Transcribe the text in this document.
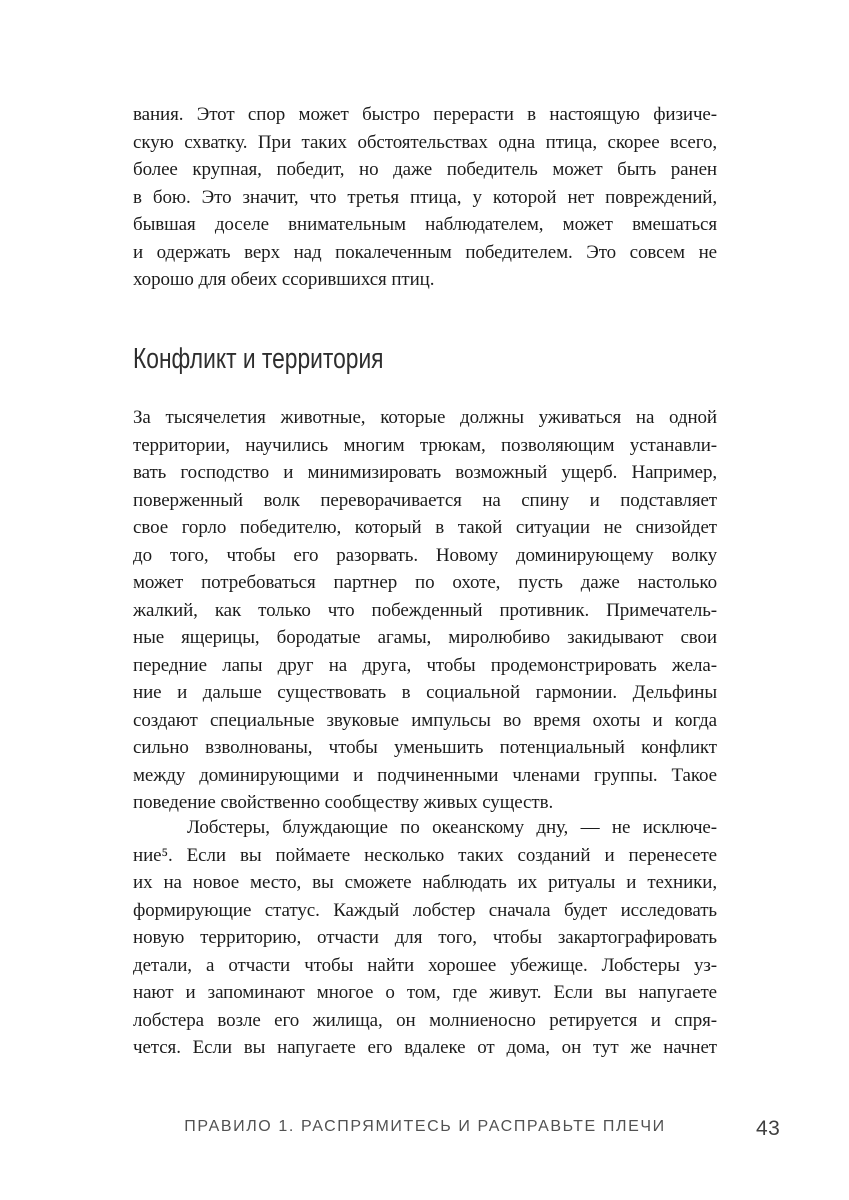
вания. Этот спор может быстро перерасти в настоящую физиче-
скую схватку. При таких обстоятельствах одна птица, скорее всего,
более крупная, победит, но даже победитель может быть ранен
в бою. Это значит, что третья птица, у которой нет повреждений,
бывшая доселе внимательным наблюдателем, может вмешаться
и одержать верх над покалеченным победителем. Это совсем не
хорошо для обеих ссорившихся птиц.
Конфликт и территория
За тысячелетия животные, которые должны уживаться на одной
территории, научились многим трюкам, позволяющим устанавли-
вать господство и минимизировать возможный ущерб. Например,
поверженный волк переворачивается на спину и подставляет
свое горло победителю, который в такой ситуации не снизойдет
до того, чтобы его разорвать. Новому доминирующему волку
может потребоваться партнер по охоте, пусть даже настолько
жалкий, как только что побежденный противник. Примечатель-
ные ящерицы, бородатые агамы, миролюбиво закидывают свои
передние лапы друг на друга, чтобы продемонстрировать жела-
ние и дальше существовать в социальной гармонии. Дельфины
создают специальные звуковые импульсы во время охоты и когда
сильно взволнованы, чтобы уменьшить потенциальный конфликт
между доминирующими и подчиненными членами группы. Такое
поведение свойственно сообществу живых существ.
Лобстеры, блуждающие по океанскому дну, — не исключе-
ние⁵. Если вы поймаете несколько таких созданий и перенесете
их на новое место, вы сможете наблюдать их ритуалы и техники,
формирующие статус. Каждый лобстер сначала будет исследовать
новую территорию, отчасти для того, чтобы закартографировать
детали, а отчасти чтобы найти хорошее убежище. Лобстеры уз-
нают и запоминают многое о том, где живут. Если вы напугаете
лобстера возле его жилища, он молниеносно ретируется и спря-
чется. Если вы напугаете его вдалеке от дома, он тут же начнет
ПРАВИЛО 1. РАСПРЯМИТЕСЬ И РАСПРАВЬТЕ ПЛЕЧИ	43
